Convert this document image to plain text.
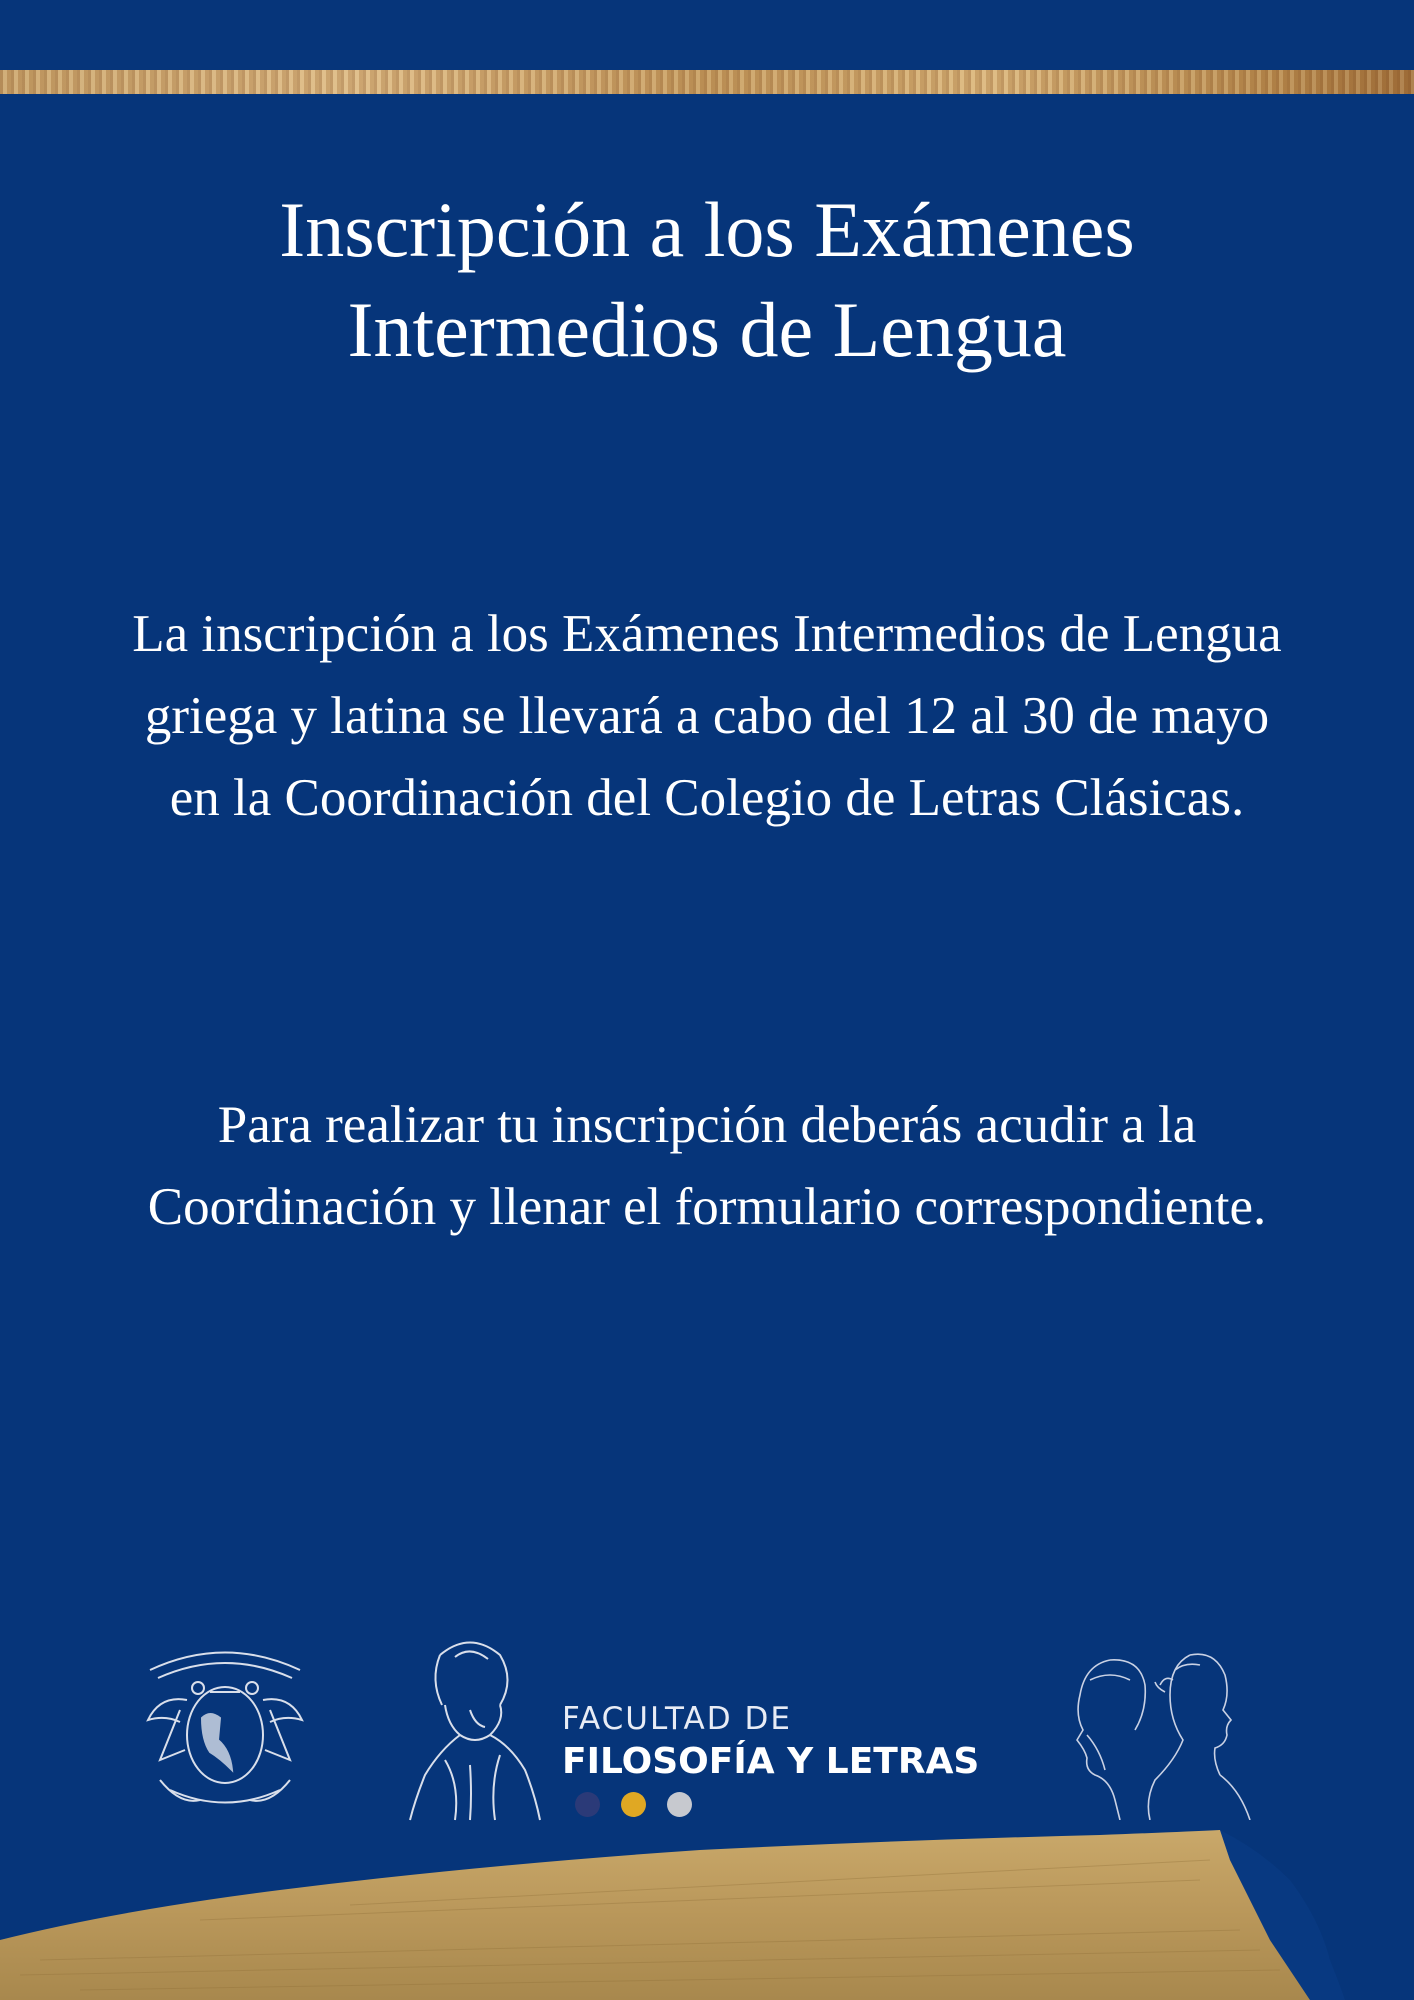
Inscripción a los Exámenes
Intermedios de Lengua

La inscripción a los Exámenes Intermedios de Lengua griega y latina se llevará a cabo del 12 al 30 de mayo en la Coordinación del Colegio de Letras Clásicas.

Para realizar tu inscripción deberás acudir a la Coordinación y llenar el formulario correspondiente.

FACULTAD DE
FILOSOFÍA Y LETRAS
